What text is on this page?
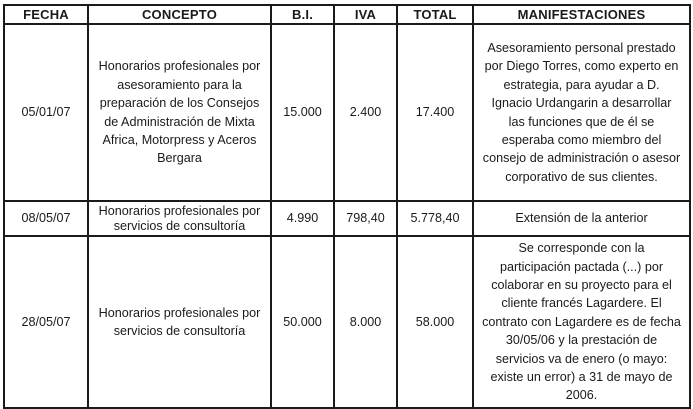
FECHA	CONCEPTO	B.I.	IVA	TOTAL	MANIFESTACIONES
05/01/07	Honorarios profesionales por asesoramiento para la preparación de los Consejos de Administración de Mixta Africa, Motorpress y Aceros Bergara	15.000	2.400	17.400	Asesoramiento personal prestado por Diego Torres, como experto en estrategia, para ayudar a D. Ignacio Urdangarin a desarrollar las funciones que de él se esperaba como miembro del consejo de administración o asesor corporativo de sus clientes.
08/05/07	Honorarios profesionales por servicios de consultoría	4.990	798,40	5.778,40	Extensión de la anterior
28/05/07	Honorarios profesionales por servicios de consultoría	50.000	8.000	58.000	Se corresponde con la participación pactada (...) por colaborar en su proyecto para el cliente francés Lagardere. El contrato con Lagardere es de fecha 30/05/06 y la prestación de servicios va de enero (o mayo: existe un error) a 31 de mayo de 2006.
